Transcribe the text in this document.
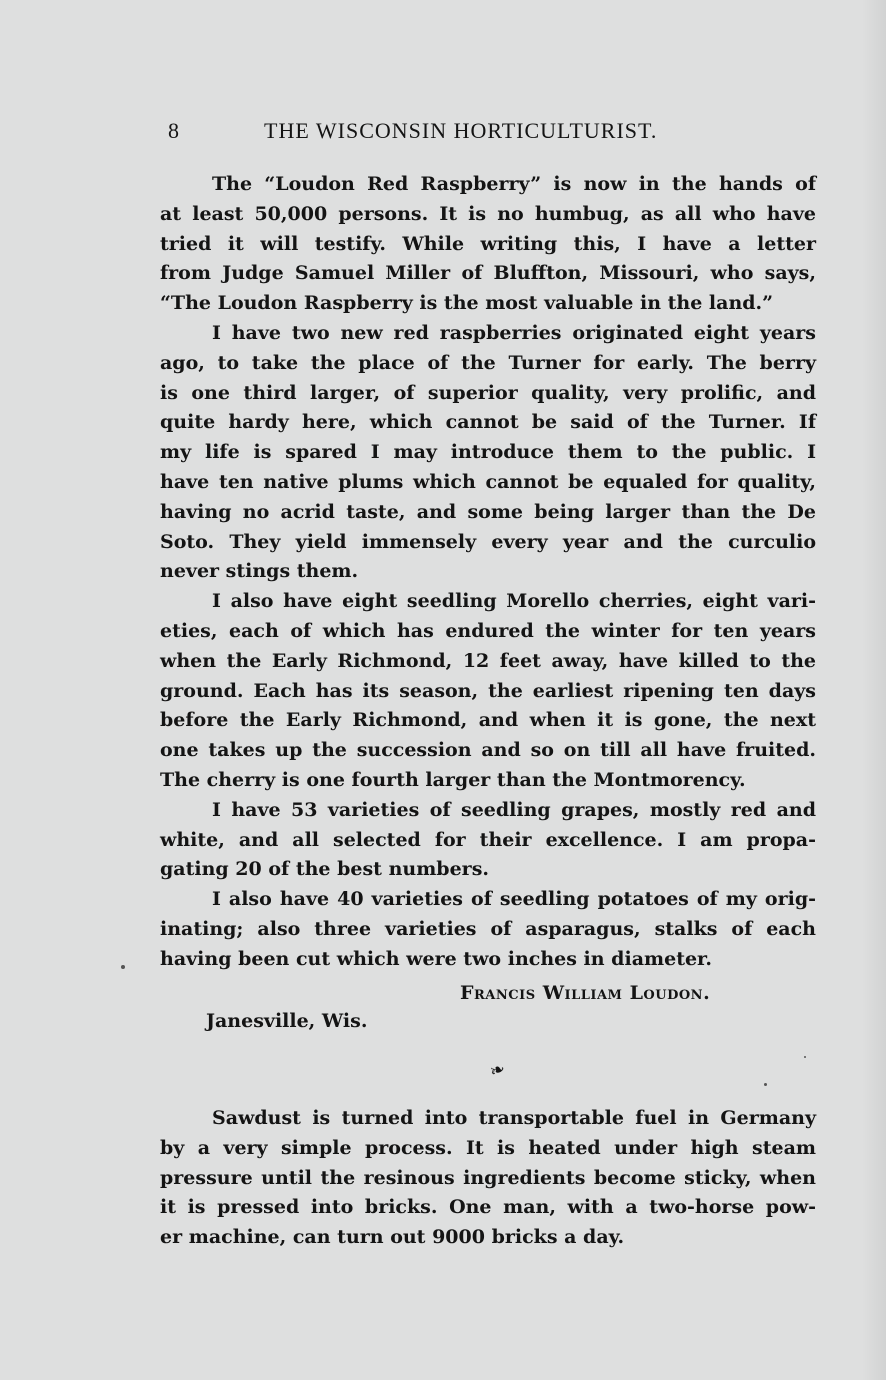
8	THE WISCONSIN HORTICULTURIST.
The “Loudon Red Raspberry” is now in the hands of
at least 50,000 persons. It is no humbug, as all who have
tried it will testify. While writing this, I have a letter
from Judge Samuel Miller of Bluffton, Missouri, who says,
“The Loudon Raspberry is the most valuable in the land.”
I have two new red raspberries originated eight years
ago, to take the place of the Turner for early. The berry
is one third larger, of superior quality, very prolific, and
quite hardy here, which cannot be said of the Turner. If
my life is spared I may introduce them to the public. I
have ten native plums which cannot be equaled for quality,
having no acrid taste, and some being larger than the De
Soto. They yield immensely every year and the curculio
never stings them.
I also have eight seedling Morello cherries, eight vari-
eties, each of which has endured the winter for ten years
when the Early Richmond, 12 feet away, have killed to the
ground. Each has its season, the earliest ripening ten days
before the Early Richmond, and when it is gone, the next
one takes up the succession and so on till all have fruited.
The cherry is one fourth larger than the Montmorency.
I have 53 varieties of seedling grapes, mostly red and
white, and all selected for their excellence. I am propa-
gating 20 of the best numbers.
I also have 40 varieties of seedling potatoes of my orig-
inating; also three varieties of asparagus, stalks of each
having been cut which were two inches in diameter.
Francis William Loudon.
Janesville, Wis.
❧
Sawdust is turned into transportable fuel in Germany
by a very simple process. It is heated under high steam
pressure until the resinous ingredients become sticky, when
it is pressed into bricks. One man, with a two-horse pow-
er machine, can turn out 9000 bricks a day.
